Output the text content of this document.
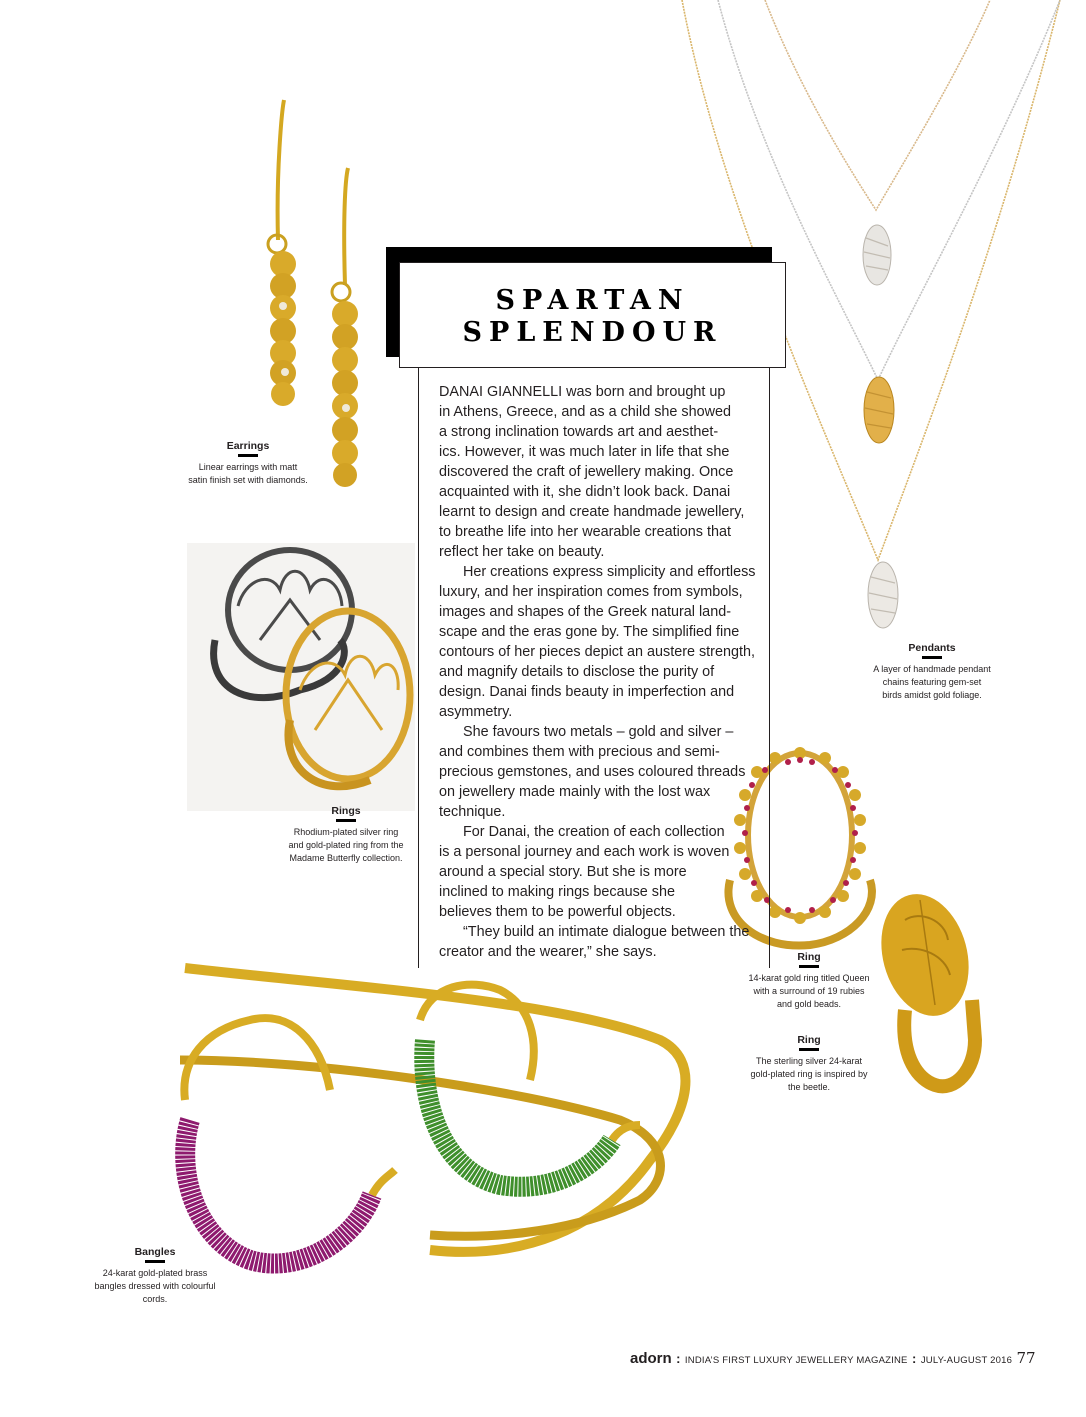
SPARTAN
SPLENDOUR

DANAI GIANNELLI was born and brought up

in Athens, Greece, and as a child she showed

a strong inclination towards art and aesthet-

ics. However, it was much later in life that she

discovered the craft of jewellery making. Once

acquainted with it, she didn’t look back. Danai

learnt to design and create handmade jewellery,

to breathe life into her wearable creations that

reflect her take on beauty.

Her creations express simplicity and effortless

luxury, and her inspiration comes from symbols,

images and shapes of the Greek natural land-

scape and the eras gone by. The simplified fine

contours of her pieces depict an austere strength,

and magnify details to disclose the purity of

design. Danai finds beauty in imperfection and

asymmetry.

She favours two metals – gold and silver –

and combines them with precious and semi-

precious gemstones, and uses coloured threads

on jewellery made mainly with the lost wax

technique.

For Danai, the creation of each collection

is a personal journey and each work is woven

around a special story. But she is more

inclined to making rings because she

believes them to be powerful objects.

“They build an intimate dialogue between the

creator and the wearer,” she says.

Earrings
Linear earrings with matt
satin finish set with diamonds.
Rings
Rhodium-plated silver ring
and gold-plated ring from the
Madame Butterfly collection.
Pendants
A layer of handmade pendant
chains featuring gem-set
birds amidst gold foliage.
Ring
14-karat gold ring titled Queen
with a surround of 19 rubies
and gold beads.
Ring
The sterling silver 24-karat
gold-plated ring is inspired by
the beetle.
Bangles
24-karat gold-plated brass
bangles dressed with colourful
cords.
adorn : INDIA’S FIRST LUXURY JEWELLERY MAGAZINE : JULY-AUGUST 2016 77
